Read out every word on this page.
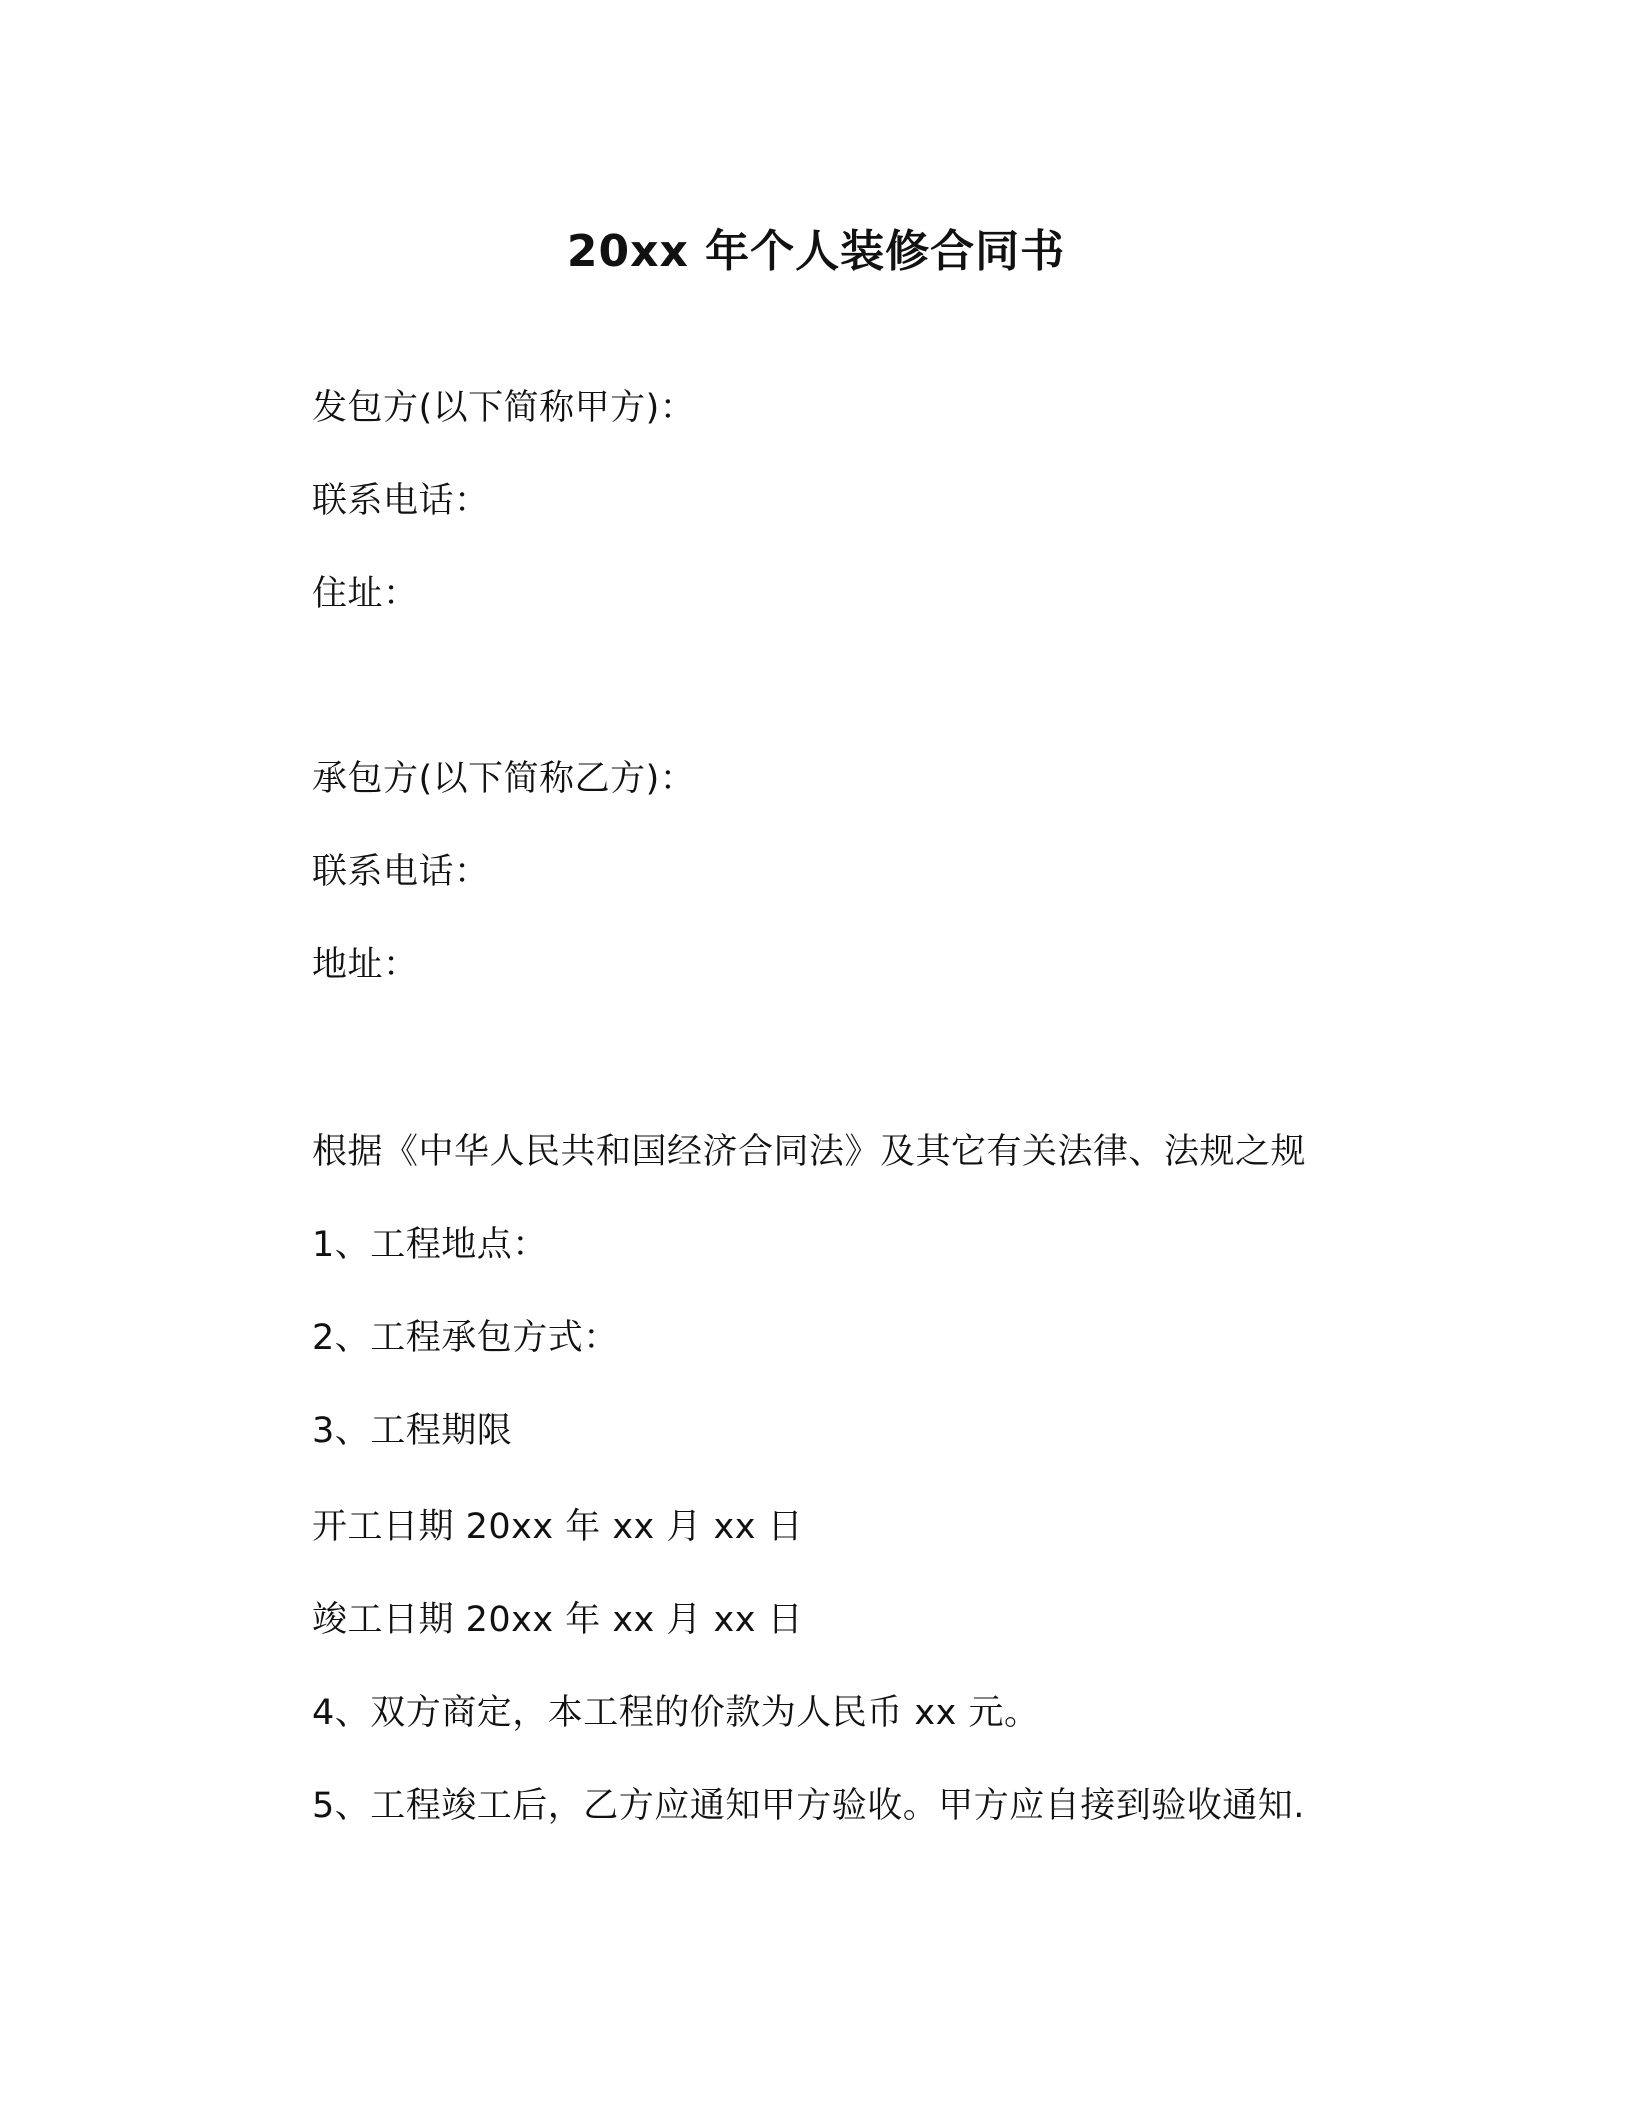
20xx 年个人装修合同书
发包方(以下简称甲方)：
联系电话：
住址：
承包方(以下简称乙方)：
联系电话：
地址：
根据《中华人民共和国经济合同法》及其它有关法律、法规之规
1、工程地点：
2、工程承包方式：
3、工程期限
开工日期 20xx 年 xx 月 xx 日
竣工日期 20xx 年 xx 月 xx 日
4、双方商定，本工程的价款为人民币 xx 元。
5、工程竣工后，乙方应通知甲方验收。甲方应自接到验收通知.
